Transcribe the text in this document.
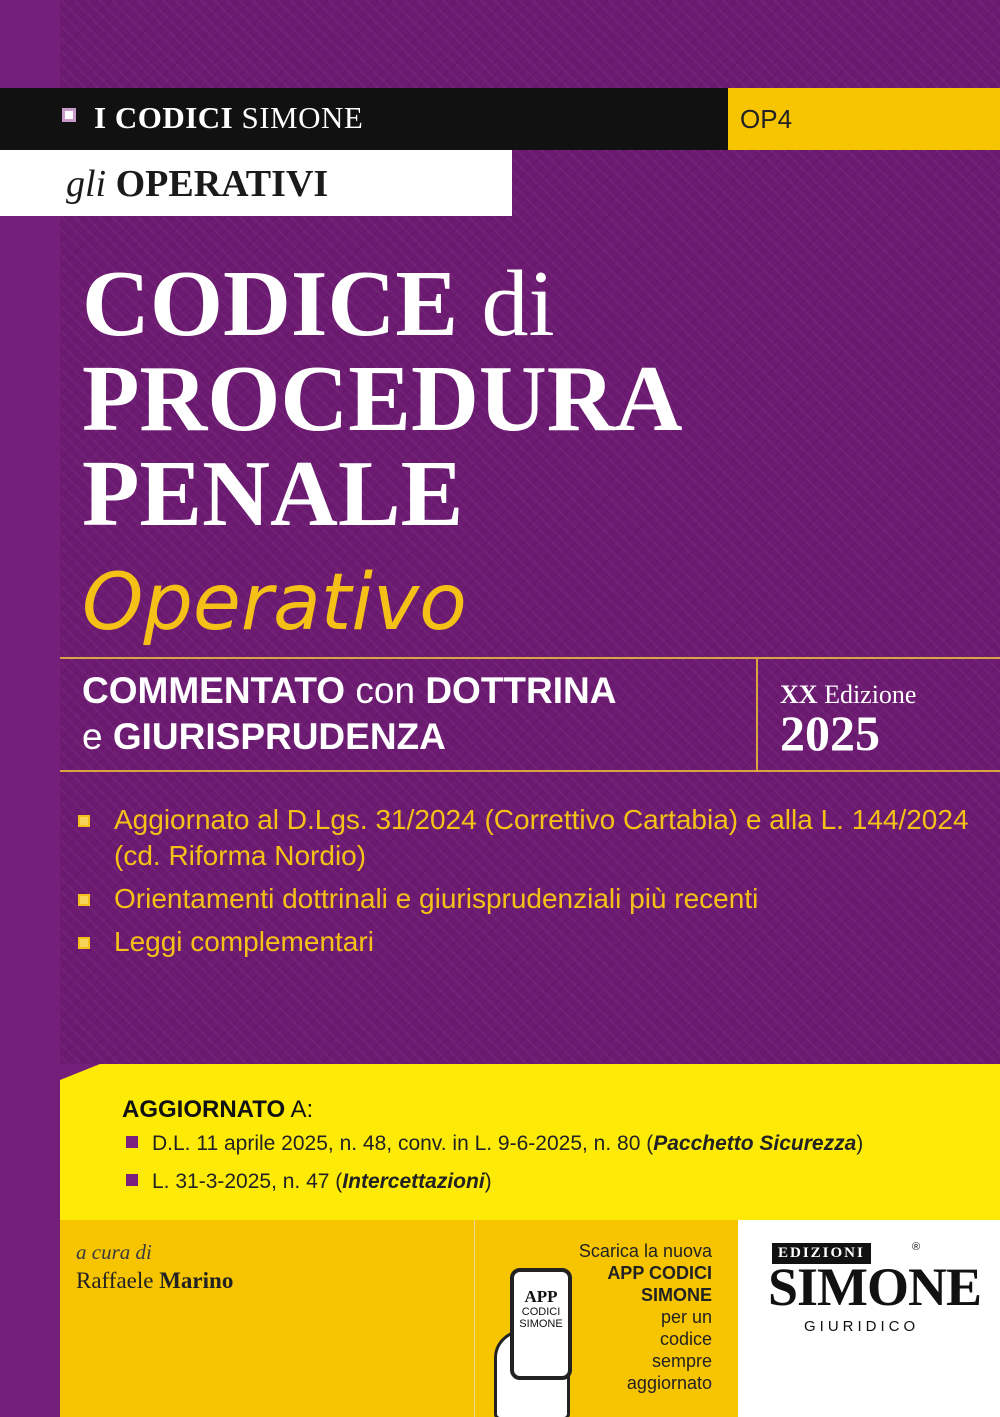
I CODICI SIMONE	OP4
gli OPERATIVI
CODICE di
PROCEDURA
PENALE
Operativo
COMMENTATO con DOTTRINA
e GIURISPRUDENZA
XX Edizione
2025
Aggiornato al D.Lgs. 31/2024 (Correttivo Cartabia) e alla L. 144/2024 (cd. Riforma Nordio)
Orientamenti dottrinali e giurisprudenziali più recenti
Leggi complementari
AGGIORNATO A:
D.L. 11 aprile 2025, n. 48, conv. in L. 9-6-2025, n. 80 (Pacchetto Sicurezza)
L. 31-3-2025, n. 47 (Intercettazioni)
a cura di
Raffaele Marino
APP
CODICI
SIMONE
Scarica la nuova
APP CODICI
SIMONE
per un
codice
sempre
aggiornato
EDIZIONI	®
SIMONE
GIURIDICO
